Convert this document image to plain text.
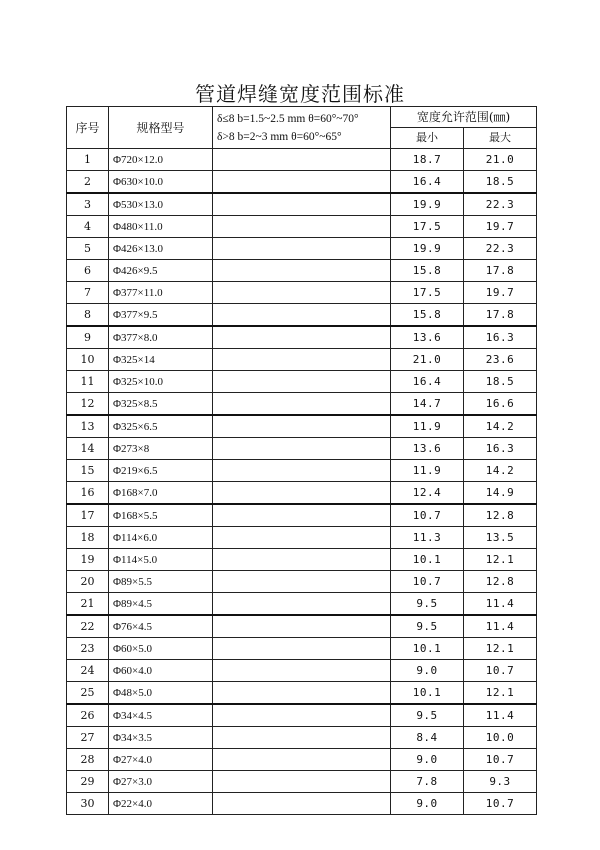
管道焊缝宽度范围标准
序号	规格型号	δ≤8 b=1.5~2.5 mm θ=60°~70°
δ>8 b=2~3 mm θ=60°~65°	宽度允许范围(㎜)	
			最小	最大
1	Φ720×12.0		18.7	21.0
2	Φ630×10.0		16.4	18.5
3	Φ530×13.0		19.9	22.3
4	Φ480×11.0		17.5	19.7
5	Φ426×13.0		19.9	22.3
6	Φ426×9.5		15.8	17.8
7	Φ377×11.0		17.5	19.7
8	Φ377×9.5		15.8	17.8
9	Φ377×8.0		13.6	16.3
10	Φ325×14		21.0	23.6
11	Φ325×10.0		16.4	18.5
12	Φ325×8.5		14.7	16.6
13	Φ325×6.5		11.9	14.2
14	Φ273×8		13.6	16.3
15	Φ219×6.5		11.9	14.2
16	Φ168×7.0		12.4	14.9
17	Φ168×5.5		10.7	12.8
18	Φ114×6.0		11.3	13.5
19	Φ114×5.0		10.1	12.1
20	Φ89×5.5		10.7	12.8
21	Φ89×4.5		9.5	11.4
22	Φ76×4.5		9.5	11.4
23	Φ60×5.0		10.1	12.1
24	Φ60×4.0		9.0	10.7
25	Φ48×5.0		10.1	12.1
26	Φ34×4.5		9.5	11.4
27	Φ34×3.5		8.4	10.0
28	Φ27×4.0		9.0	10.7
29	Φ27×3.0		7.8	9.3
30	Φ22×4.0		9.0	10.7
